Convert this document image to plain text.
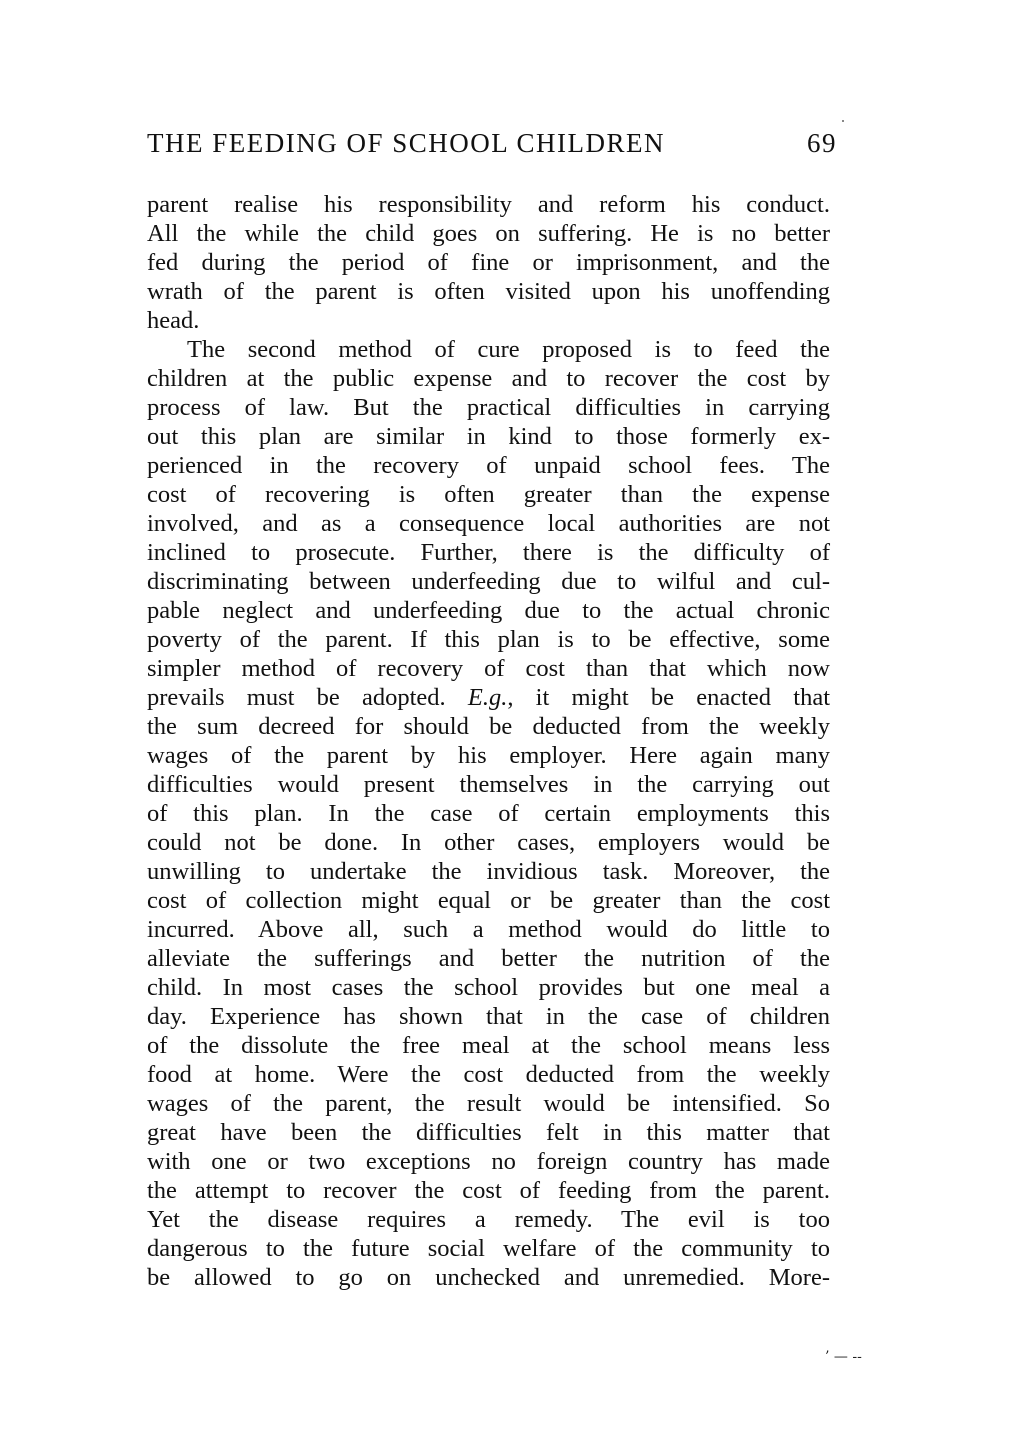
THE FEEDING OF SCHOOL CHILDREN	69
parent realise his responsibility and reform his conduct.
All the while the child goes on suffering. He is no better
fed during the period of fine or imprisonment, and the
wrath of the parent is often visited upon his unoffending
head.
The second method of cure proposed is to feed the
children at the public expense and to recover the cost by
process of law. But the practical difficulties in carrying
out this plan are similar in kind to those formerly ex-
perienced in the recovery of unpaid school fees. The
cost of recovering is often greater than the expense
involved, and as a consequence local authorities are not
inclined to prosecute. Further, there is the difficulty of
discriminating between underfeeding due to wilful and cul-
pable neglect and underfeeding due to the actual chronic
poverty of the parent. If this plan is to be effective, some
simpler method of recovery of cost than that which now
prevails must be adopted. E.g., it might be enacted that
the sum decreed for should be deducted from the weekly
wages of the parent by his employer. Here again many
difficulties would present themselves in the carrying out
of this plan. In the case of certain employments this
could not be done. In other cases, employers would be
unwilling to undertake the invidious task. Moreover, the
cost of collection might equal or be greater than the cost
incurred. Above all, such a method would do little to
alleviate the sufferings and better the nutrition of the
child. In most cases the school provides but one meal a
day. Experience has shown that in the case of children
of the dissolute the free meal at the school means less
food at home. Were the cost deducted from the weekly
wages of the parent, the result would be intensified. So
great have been the difficulties felt in this matter that
with one or two exceptions no foreign country has made
the attempt to recover the cost of feeding from the parent.
Yet the disease requires a remedy. The evil is too
dangerous to the future social welfare of the community to
be allowed to go on unchecked and unremedied. More-
’ — --
